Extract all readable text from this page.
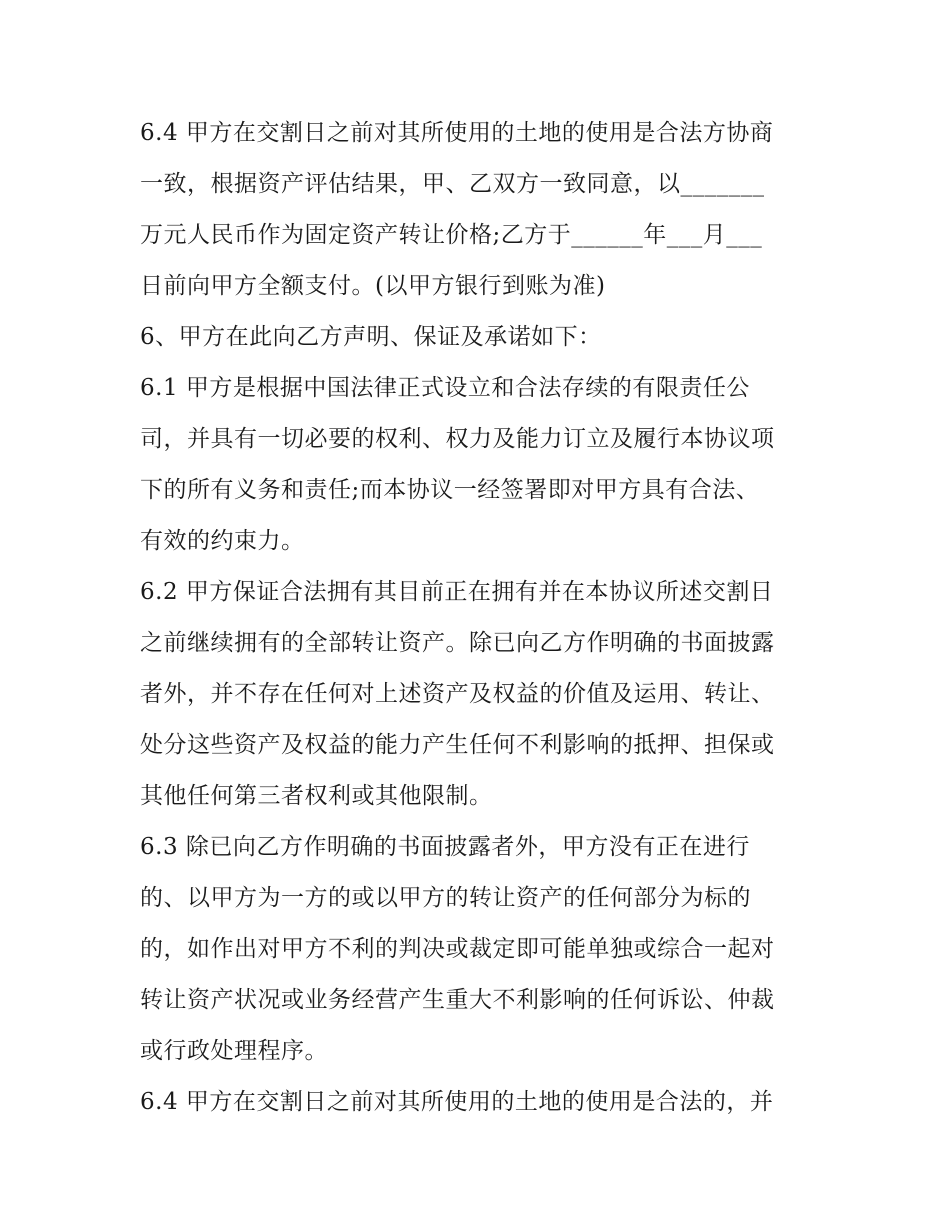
6.4 甲方在交割日之前对其所使用的土地的使用是合法方协商
一致，根据资产评估结果，甲、乙双方一致同意，以_______
万元人民币作为固定资产转让价格;乙方于______年___月___
日前向甲方全额支付。(以甲方银行到账为准)
6、甲方在此向乙方声明、保证及承诺如下：
6.1 甲方是根据中国法律正式设立和合法存续的有限责任公
司，并具有一切必要的权利、权力及能力订立及履行本协议项
下的所有义务和责任;而本协议一经签署即对甲方具有合法、
有效的约束力。
6.2 甲方保证合法拥有其目前正在拥有并在本协议所述交割日
之前继续拥有的全部转让资产。除已向乙方作明确的书面披露
者外，并不存在任何对上述资产及权益的价值及运用、转让、
处分这些资产及权益的能力产生任何不利影响的抵押、担保或
其他任何第三者权利或其他限制。
6.3 除已向乙方作明确的书面披露者外，甲方没有正在进行
的、以甲方为一方的或以甲方的转让资产的任何部分为标的
的，如作出对甲方不利的判决或裁定即可能单独或综合一起对
转让资产状况或业务经营产生重大不利影响的任何诉讼、仲裁
或行政处理程序。
6.4 甲方在交割日之前对其所使用的土地的使用是合法的，并
